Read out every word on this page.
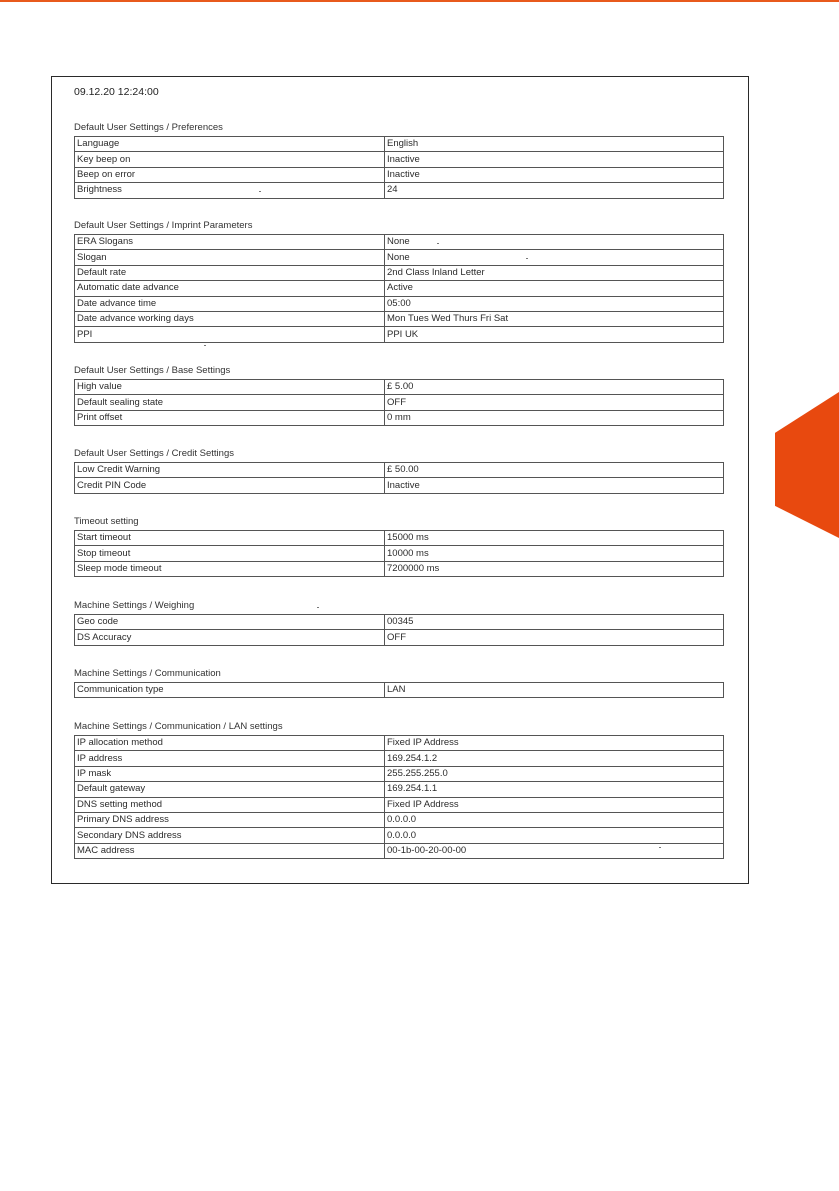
09.12.20 12:24:00
Default User Settings / Preferences
Language	English
Key beep on	Inactive
Beep on error	Inactive
Brightness	24
Default User Settings / Imprint Parameters
ERA Slogans	None
Slogan	None
Default rate	2nd Class Inland Letter
Automatic date advance	Active
Date advance time	05:00
Date advance working days	Mon Tues Wed Thurs Fri Sat
PPI	PPI UK
Default User Settings / Base Settings
High value	£ 5.00
Default sealing state	OFF
Print offset	0 mm
Default User Settings / Credit Settings
Low Credit Warning	£ 50.00
Credit PIN Code	Inactive
Timeout setting
Start timeout	15000 ms
Stop timeout	10000 ms
Sleep mode timeout	7200000 ms
Machine Settings / Weighing
Geo code	00345
DS Accuracy	OFF
Machine Settings / Communication
Communication type	LAN
Machine Settings / Communication / LAN settings
IP allocation method	Fixed IP Address
IP address	169.254.1.2
IP mask	255.255.255.0
Default gateway	169.254.1.1
DNS setting method	Fixed IP Address
Primary DNS address	0.0.0.0
Secondary DNS address	0.0.0.0
MAC address	00-1b-00-20-00-00
